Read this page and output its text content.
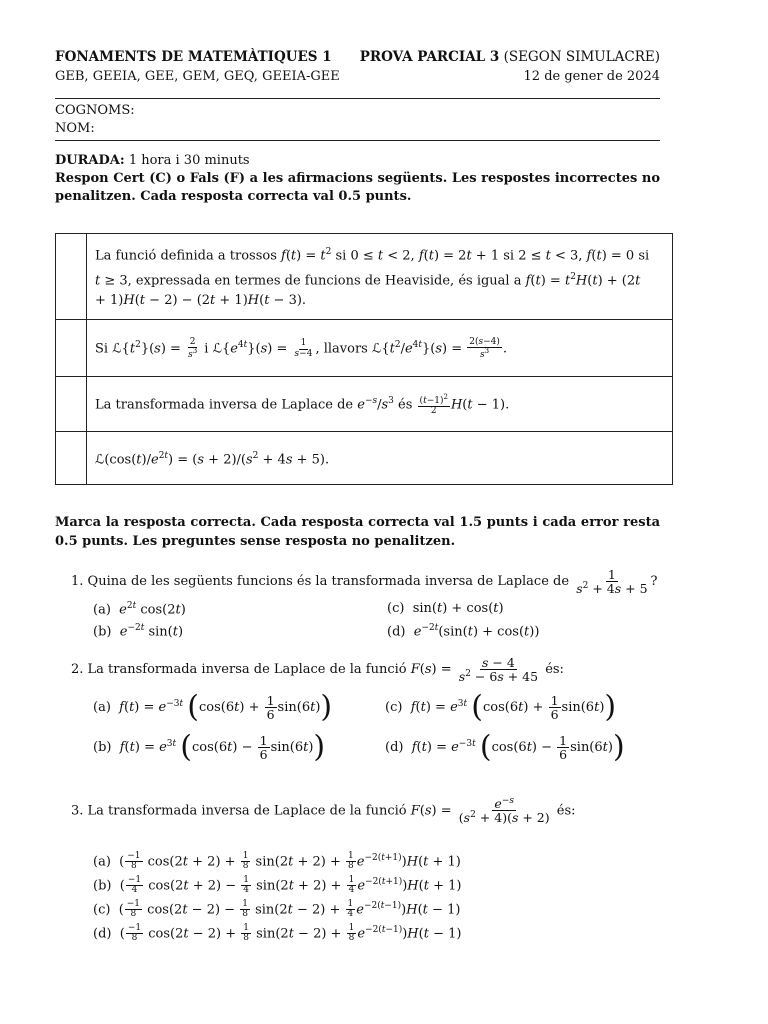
FONAMENTS DE MATEMÀTIQUES 1 PROVA PARCIAL 3 (SEGON SIMULACRE)
GEB, GEEIA, GEE, GEM, GEQ, GEEIA-GEE	12 de gener de 2024
COGNOMS:
NOM:
DURADA: 1 hora i 30 minuts
Respon Cert (C) o Fals (F) a les afirmacions següents. Les respostes incorrectes no penalitzen. Cada resposta correcta val 0.5 punts.
La funció definida a trossos $f(t) = t^2$ si 0 ≤ t < 2, f(t) = 2t + 1 si 2 ≤ t < 3, f(t) = 0 si t ≥ 3, expressada en termes de funcions de Heaviside, és igual a $f(t) = t^2H(t) + (2t + 1)H(t - 2) - (2t + 1)H(t - 3)$.
Si $ℒ\{t^2\}(s) = \frac{2}{s^3}$ i $ℒ\{e^{4t}\}(s) = \frac{1}{s-4}$ , llavors $ℒ\{t^2/e^{4t}\}(s) = \frac{2(s-4)}{s^3}$ .
La transformada inversa de Laplace de $e^{-s}/s^3$ és $\frac{(t-1)^2}{2} H(t - 1)$.
$ℒ(\cos(t)/e^{2t}) = (s + 2)/(s^2 + 4s + 5)$.
Marca la resposta correcta. Cada resposta correcta val 1.5 punts i cada error resta 0.5 punts. Les preguntes sense resposta no penalitzen.
1. Quina de les següents funcions és la transformada inversa de Laplace de $\frac{1}{s^2 + 4s + 5}$ ?
(a)  $e^{2t}$ cos(2t)
(b)  $e^{-2t}$ sin(t)
(c)  sin(t) + cos(t)
(d)  $e^{-2t}(\sin(t) + \cos(t))$
2. La transformada inversa de Laplace de la funció $F(s) = \frac{s - 4}{s^2 - 6s + 45}$ és:
(a)  $f(t) = e^{-3t}$ $(\cos(6t) + \frac{1}{6} \sin(6t))$
(b)  $f(t) = e^{3t}$ $(\cos(6t) - \frac{1}{6} \sin(6t))$
(c)  $f(t) = e^{3t}$ $(\cos(6t) + \frac{1}{6} \sin(6t))$
(d)  $f(t) = e^{-3t}$ $(\cos(6t) - \frac{1}{6} \sin(6t))$
3. La transformada inversa de Laplace de la funció $F(s) = \frac{e^{-s}}{(s^2 + 4)(s + 2)}$ és:
(a)  ( $\frac{-1}{8} \cos(2t + 2) + \frac{1}{8} \sin(2t + 2) + \frac{1}{8} e^{-2(t+1)})H(t + 1)$
(b)  ( $\frac{-1}{4} \cos(2t + 2) - \frac{1}{4} \sin(2t + 2) + \frac{1}{4} e^{-2(t+1)})H(t + 1)$
(c)  ( $\frac{-1}{8} \cos(2t - 2) - \frac{1}{8} \sin(2t - 2) + \frac{1}{4} e^{-2(t-1)})H(t - 1)$
(d)  ( $\frac{-1}{8} \cos(2t - 2) + \frac{1}{8} \sin(2t - 2) + \frac{1}{8} e^{-2(t-1)})H(t - 1)$
